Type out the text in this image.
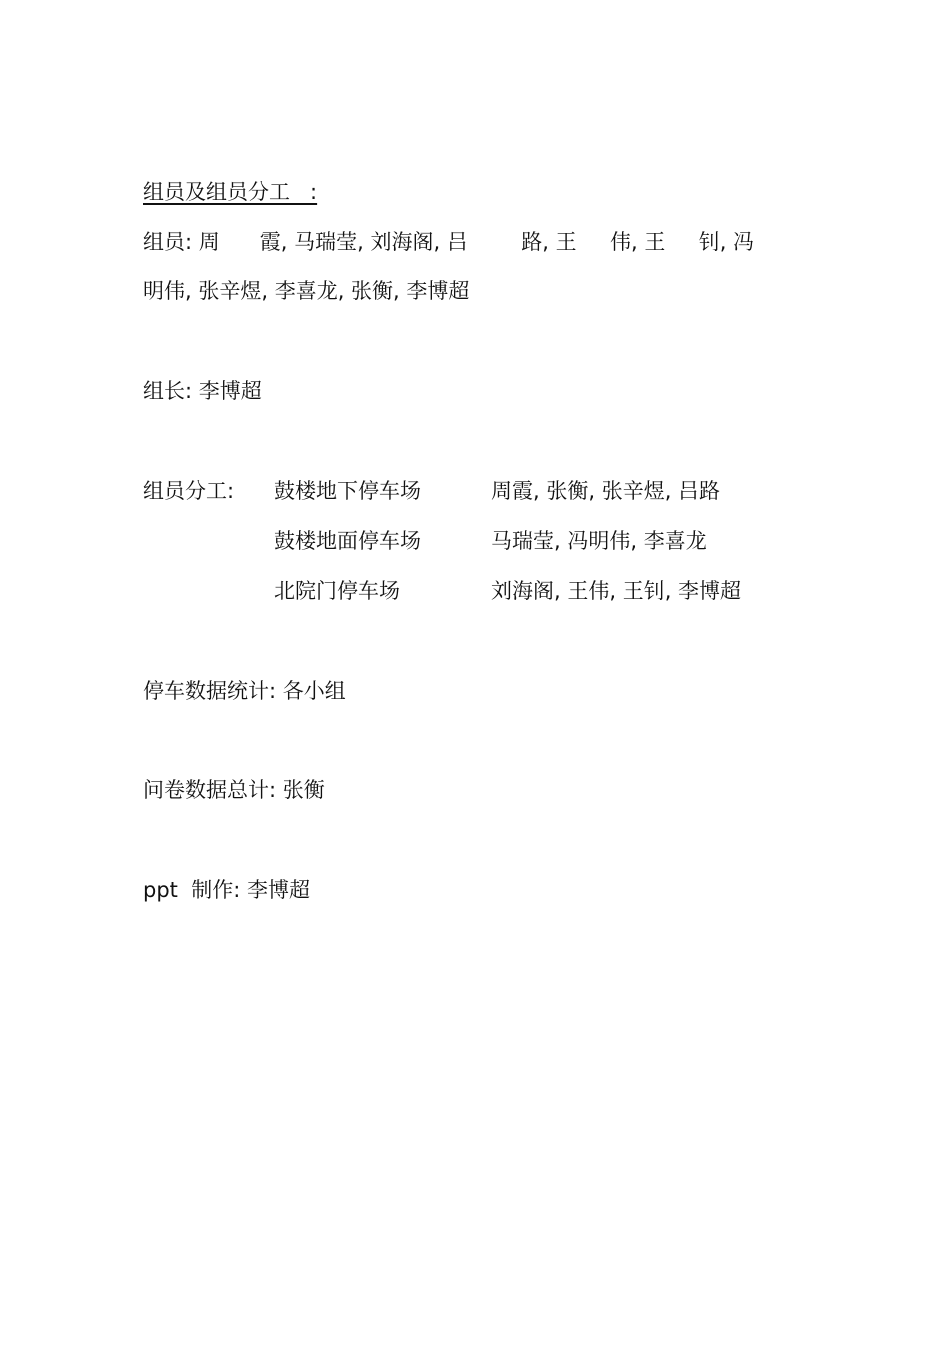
组员及组员分工   :
组员: 周      霞, 马瑞莹, 刘海阁, 吕        路, 王     伟, 王     钊, 冯
明伟, 张辛煜, 李喜龙, 张衡, 李博超
组长: 李博超
组员分工: 鼓楼地下停车场	周霞, 张衡, 张辛煜, 吕路
鼓楼地面停车场	马瑞莹, 冯明伟, 李喜龙
北院门停车场	刘海阁, 王伟, 王钊, 李博超
停车数据统计: 各小组
问卷数据总计: 张衡
ppt  制作: 李博超
